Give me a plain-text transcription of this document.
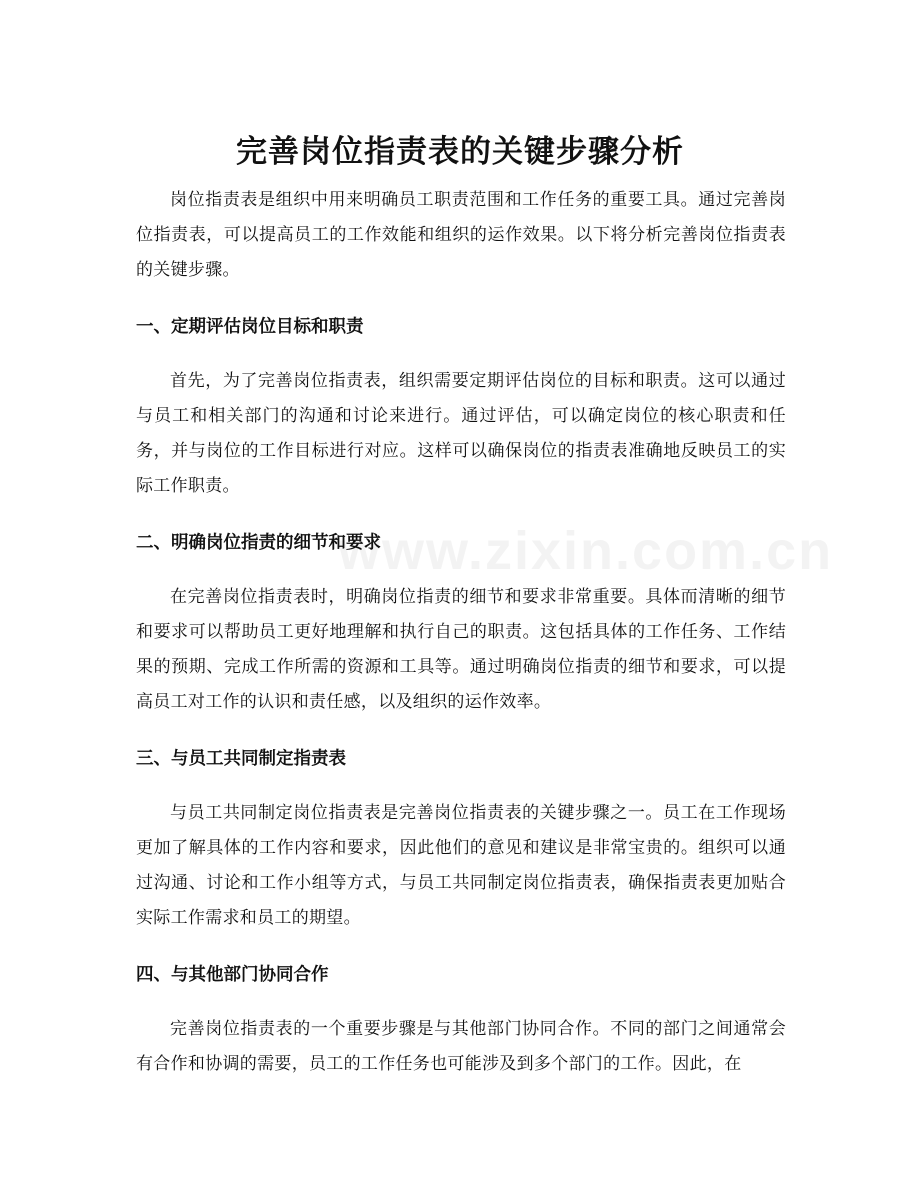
www.zixin.com.cn
完善岗位指责表的关键步骤分析

岗位指责表是组织中用来明确员工职责范围和工作任务的重要工具。通过完善岗位指责表，可以提高员工的工作效能和组织的运作效果。以下将分析完善岗位指责表的关键步骤。

一、定期评估岗位目标和职责

首先，为了完善岗位指责表，组织需要定期评估岗位的目标和职责。这可以通过与员工和相关部门的沟通和讨论来进行。通过评估，可以确定岗位的核心职责和任务，并与岗位的工作目标进行对应。这样可以确保岗位的指责表准确地反映员工的实际工作职责。

二、明确岗位指责的细节和要求

在完善岗位指责表时，明确岗位指责的细节和要求非常重要。具体而清晰的细节和要求可以帮助员工更好地理解和执行自己的职责。这包括具体的工作任务、工作结果的预期、完成工作所需的资源和工具等。通过明确岗位指责的细节和要求，可以提高员工对工作的认识和责任感，以及组织的运作效率。

三、与员工共同制定指责表

与员工共同制定岗位指责表是完善岗位指责表的关键步骤之一。员工在工作现场更加了解具体的工作内容和要求，因此他们的意见和建议是非常宝贵的。组织可以通过沟通、讨论和工作小组等方式，与员工共同制定岗位指责表，确保指责表更加贴合实际工作需求和员工的期望。

四、与其他部门协同合作

完善岗位指责表的一个重要步骤是与其他部门协同合作。不同的部门之间通常会有合作和协调的需要，员工的工作任务也可能涉及到多个部门的工作。因此，在
